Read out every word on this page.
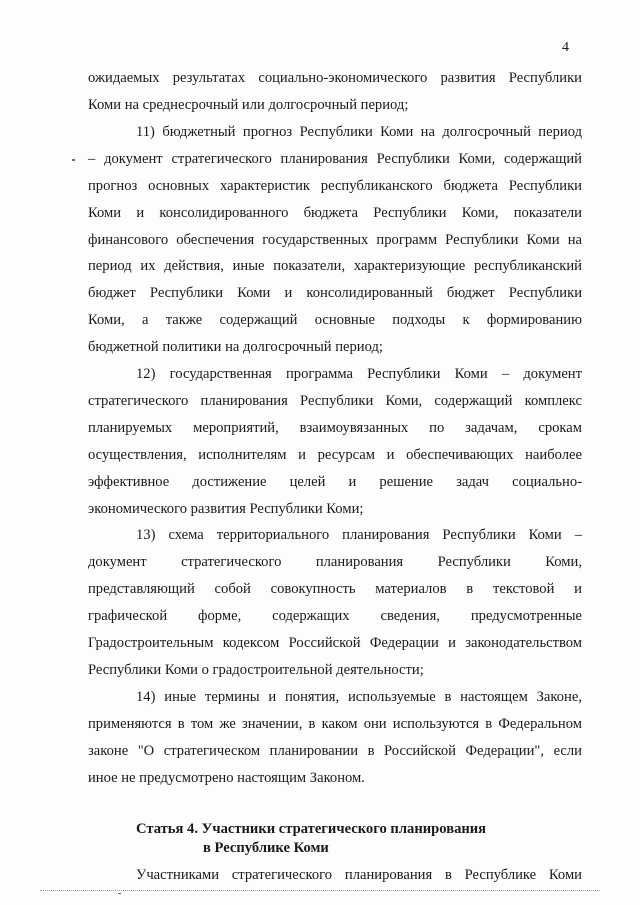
4
ожидаемых результатах социально-экономического развития Республики
Коми на среднесрочный или долгосрочный период;
11) бюджетный прогноз Республики Коми на долгосрочный период
– документ стратегического планирования Республики Коми, содержащий
прогноз основных характеристик республиканского бюджета Республики
Коми и консолидированного бюджета Республики Коми, показатели
финансового обеспечения государственных программ Республики Коми на
период их действия, иные показатели, характеризующие республиканский
бюджет Республики Коми и консолидированный бюджет Республики
Коми, а также содержащий основные подходы к формированию
бюджетной политики на долгосрочный период;
12) государственная программа Республики Коми – документ
стратегического планирования Республики Коми, содержащий комплекс
планируемых мероприятий, взаимоувязанных по задачам, срокам
осуществления, исполнителям и ресурсам и обеспечивающих наиболее
эффективное достижение целей и решение задач социально-
экономического развития Республики Коми;
13) схема территориального планирования Республики Коми –
документ стратегического планирования Республики Коми,
представляющий собой совокупность материалов в текстовой и
графической форме, содержащих сведения, предусмотренные
Градостроительным кодексом Российской Федерации и законодательством
Республики Коми о градостроительной деятельности;
14) иные термины и понятия, используемые в настоящем Законе,
применяются в том же значении, в каком они используются в Федеральном
законе "О стратегическом планировании в Российской Федерации", если
иное не предусмотрено настоящим Законом.
Статья 4. Участники стратегического планирования
в Республике Коми
Участниками стратегического планирования в Республике Коми
